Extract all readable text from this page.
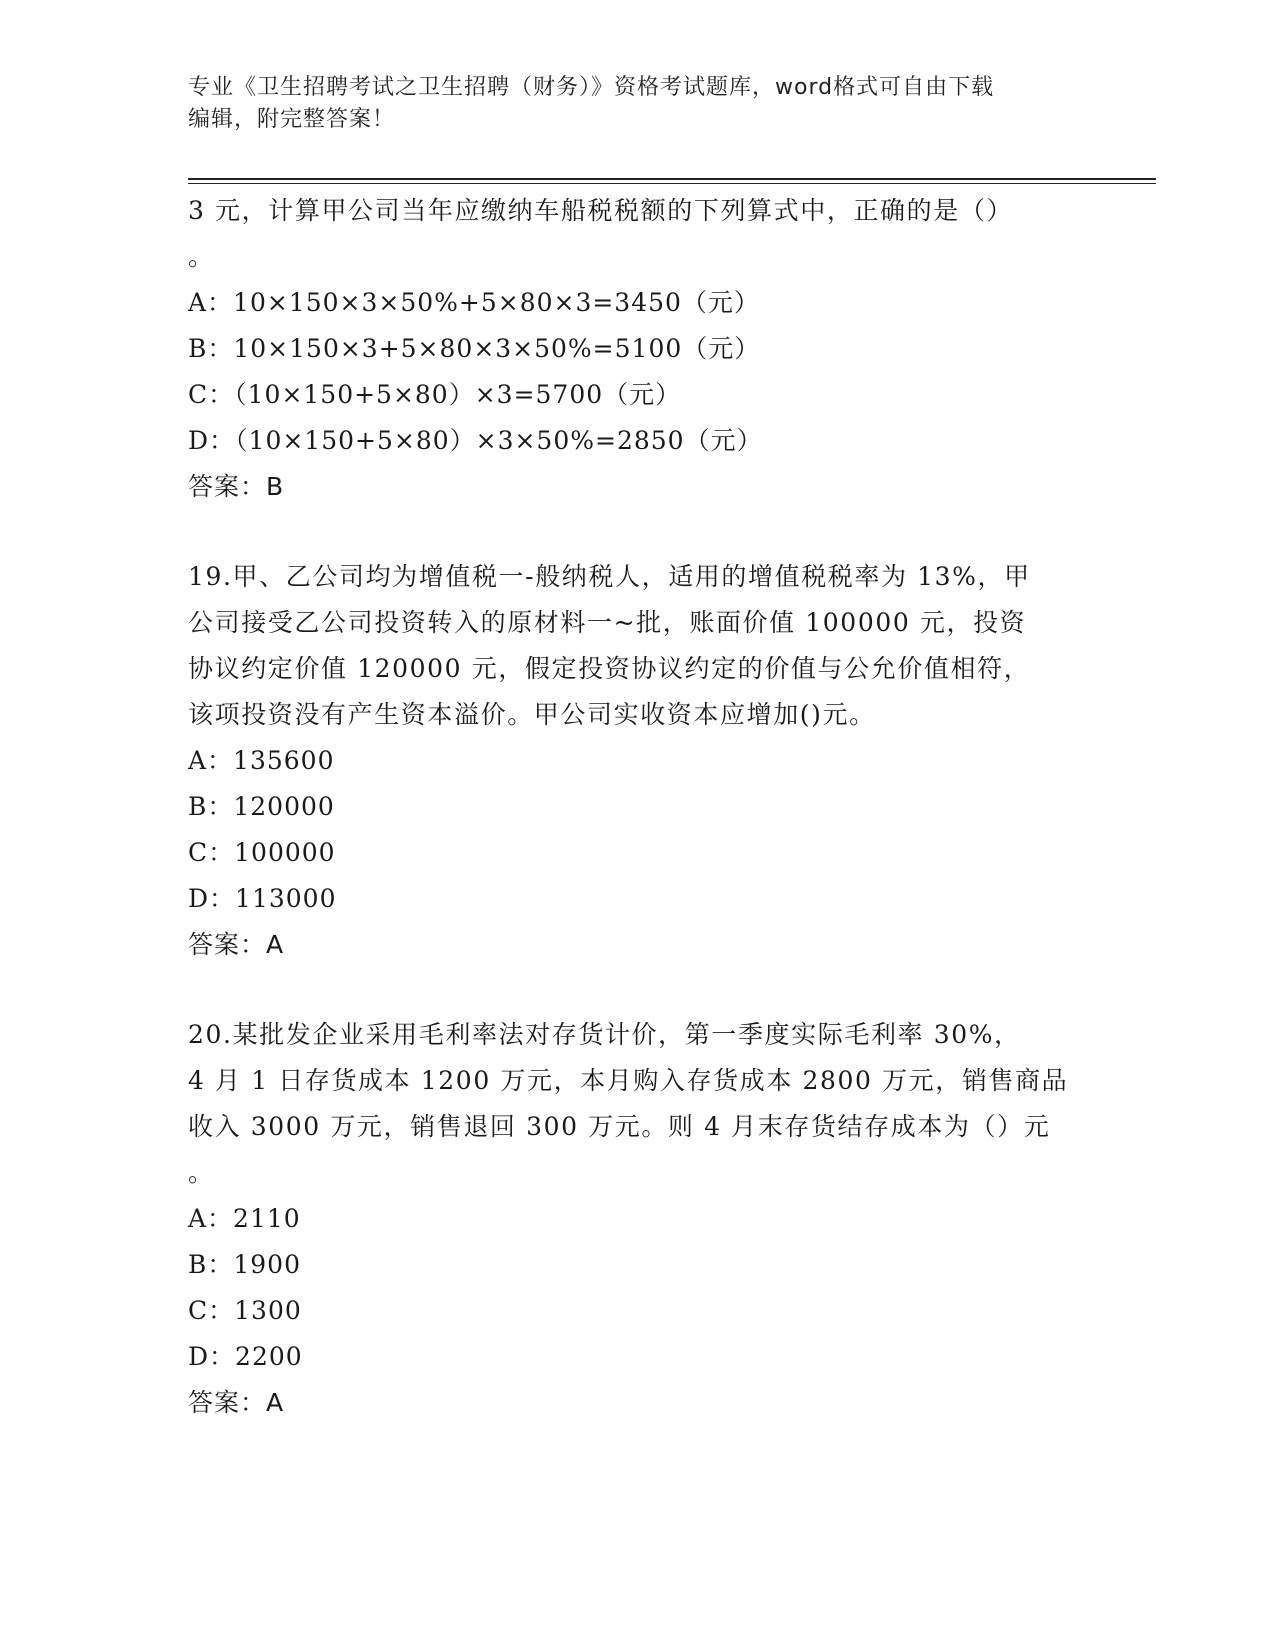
专业《卫生招聘考试之卫生招聘（财务）》资格考试题库，word格式可自由下载
编辑，附完整答案！
3 元，计算甲公司当年应缴纳车船税税额的下列算式中，正确的是（）
。
A：10×150×3×50%+5×80×3=3450（元）
B：10×150×3+5×80×3×50%=5100（元）
C：（10×150+5×80）×3=5700（元）
D：（10×150+5×80）×3×50%=2850（元）
答案：B
19.甲、乙公司均为增值税一-般纳税人，适用的增值税税率为 13%，甲
公司接受乙公司投资转入的原材料一~批，账面价值 100000 元，投资
协议约定价值 120000 元，假定投资协议约定的价值与公允价值相符，
该项投资没有产生资本溢价。甲公司实收资本应增加()元。
A：135600
B：120000
C：100000
D：113000
答案：A
20.某批发企业采用毛利率法对存货计价，第一季度实际毛利率 30%，
4 月 1 日存货成本 1200 万元，本月购入存货成本 2800 万元，销售商品
收入 3000 万元，销售退回 300 万元。则 4 月末存货结存成本为（）元
。
A：2110
B：1900
C：1300
D：2200
答案：A
